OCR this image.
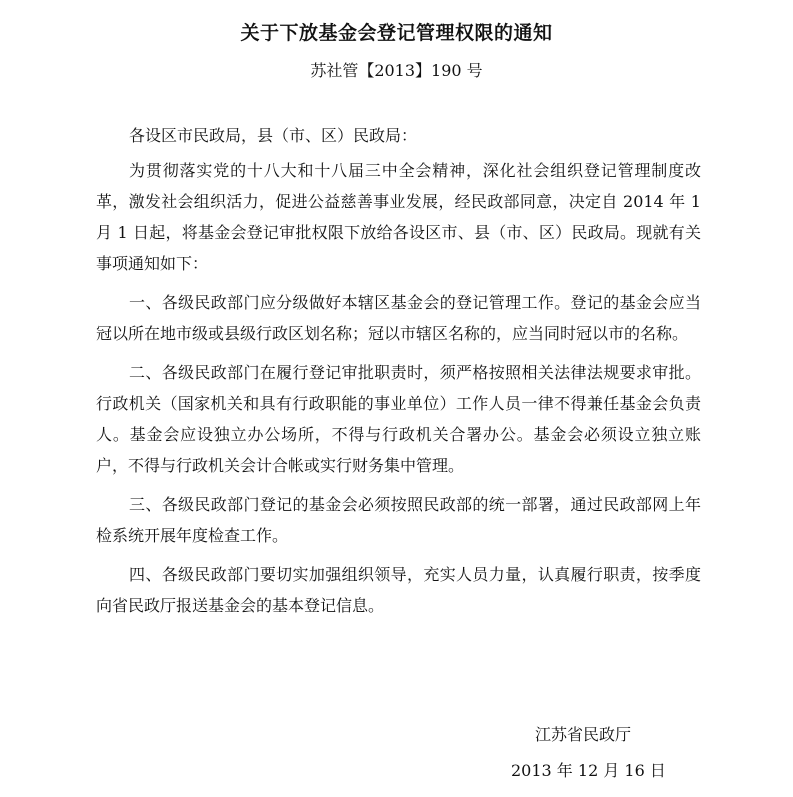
关于下放基金会登记管理权限的通知
苏社管【2013】190 号

各设区市民政局，县（市、区）民政局：

为贯彻落实党的十八大和十八届三中全会精神，深化社会组织登记管理制度改革，激发社会组织活力，促进公益慈善事业发展，经民政部同意，决定自 2014 年 1 月 1 日起，将基金会登记审批权限下放给各设区市、县（市、区）民政局。现就有关事项通知如下：

一、各级民政部门应分级做好本辖区基金会的登记管理工作。登记的基金会应当冠以所在地市级或县级行政区划名称；冠以市辖区名称的，应当同时冠以市的名称。

二、各级民政部门在履行登记审批职责时，须严格按照相关法律法规要求审批。行政机关（国家机关和具有行政职能的事业单位）工作人员一律不得兼任基金会负责人。基金会应设独立办公场所，不得与行政机关合署办公。基金会必须设立独立账户，不得与行政机关会计合帐或实行财务集中管理。

三、各级民政部门登记的基金会必须按照民政部的统一部署，通过民政部网上年检系统开展年度检查工作。

四、各级民政部门要切实加强组织领导，充实人员力量，认真履行职责，按季度向省民政厅报送基金会的基本登记信息。

江苏省民政厅
2013 年 12 月 16 日
